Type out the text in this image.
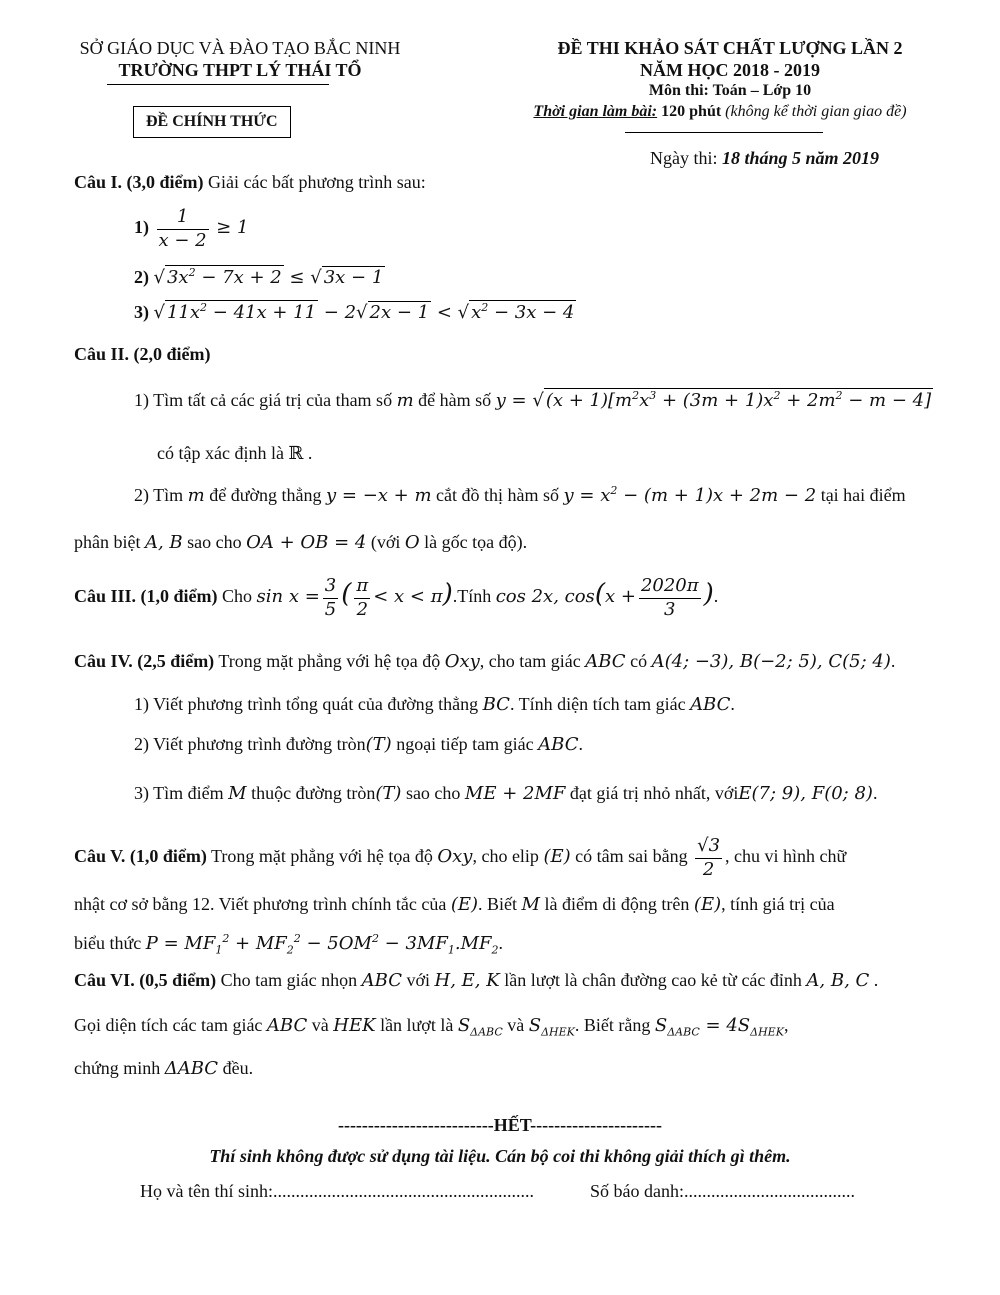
SỞ GIÁO DỤC VÀ ĐÀO TẠO BẮC NINH
TRƯỜNG THPT LÝ THÁI TỔ
ĐỀ CHÍNH THỨC
ĐỀ THI KHẢO SÁT CHẤT LƯỢNG LẦN 2
NĂM HỌC 2018 - 2019
Môn thi: Toán – Lớp 10
Thời gian làm bài: 120 phút (không kể thời gian giao đề)
Ngày thi: 18 tháng 5 năm 2019
Câu I. (3,0 điểm) Giải các bất phương trình sau:
$1) \frac{1}{x - 2} \ge 1$
2) √ $3x^2 - 7x + 2$ ≤ √ 3x − 1
3) √ $11x^2 - 41x + 11 - 2√$ 2x − 1 < √ $x^2 - 3x - 4$
Câu II. (2,0 điểm)
1) Tìm tất cả các giá trị của tham số m để hàm số y = √ $(x + 1)[m^2x^3 + (3m + 1)x^2 + 2m^2 - m - 4]$
có tập xác định là ℝ .
2) Tìm m để đường thẳng y = −x + m cắt đồ thị hàm số $y = x^2 - (m + 1)x + 2m - 2$ tại hai điểm
phân biệt A, B sao cho OA + OB = 4 (với O là gốc tọa độ).
Câu III. (1,0 điểm) Cho $\sin x = \frac{3}{5}$ ( $\frac{\pi}{2} < x$ < π).Tính cos 2x, $\cos(x + \frac{2020\pi}{3}$ ).
Câu IV. (2,5 điểm) Trong mặt phẳng với hệ tọa độ Oxy, cho tam giác ABC có A(4; −3), B(−2; 5), C(5; 4).
1) Viết phương trình tổng quát của đường thẳng BC. Tính diện tích tam giác ABC.
2) Viết phương trình đường tròn(T) ngoại tiếp tam giác ABC.
3) Tìm điểm M thuộc đường tròn(T) sao cho ME + 2MF đạt giá trị nhỏ nhất, vớiE(7; 9), F(0; 8).
Câu V. (1,0 điểm) Trong mặt phẳng với hệ tọa độ Oxy, cho elip (E) có tâm sai bằng $\frac{√3}{2}$ , chu vi hình chữ
nhật cơ sở bằng 12. Viết phương trình chính tắc của (E). Biết M là điểm di động trên (E), tính giá trị của
biểu thức $P = MF_1^2 + MF_2^2 - 5OM^2 - 3MF_1.MF_2$.
Câu VI. (0,5 điểm) Cho tam giác nhọn ABC với H, E, K lần lượt là chân đường cao kẻ từ các đỉnh A, B, C .
Gọi diện tích các tam giác ABC và HEK lần lượt là $S_{\Delta ABC}$ và $S_{\Delta HEK}$. Biết rằng $S_{\Delta ABC} = 4S_{\Delta HEK}$,
chứng minh ΔABC đều.
--------------------------HẾT----------------------
Thí sinh không được sử dụng tài liệu. Cán bộ coi thi không giải thích gì thêm.
Họ và tên thí sinh:..........................................................	Số báo danh:......................................
